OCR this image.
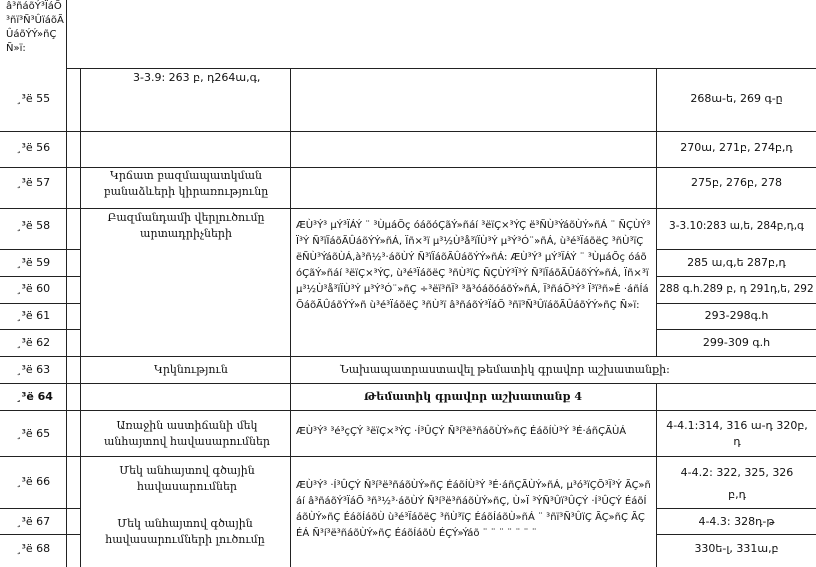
â³ñáõÝ³ÏáÕ
³ñï³Ñ³ÛïáõÃ
ÛáõÝÝ»ñÇ
Ñ»ï:
¸³ë 55
¸³ë 56
¸³ë 57
¸³ë 58
¸³ë 59
¸³ë 60
¸³ë 61
¸³ë 62
¸³ë 63
¸³ë 64
¸³ë 65
¸³ë 66
¸³ë 67
¸³ë 68
3-3.9: 263 բ, դ264ա,գ,
Կրճատ բազմապատկման բանաձևերի կիրառությունը
Բազմանդամի վերլուծումը արտադրիչների
Կրկնություն
Առաջին աստիճանի մեկ անհայտով հավասարումներ
Մեկ անհայտով գծային հավասարումներ
Մեկ անհայտով գծային հավասարումների լուծումը
ÆÙ³Ý³ µÝ³ÏÁÝ ¨ ³ÙµáÕç óáõóÇãÝ»ñáí ³ëïÇ×³ÝÇ ë³ÑÙ³ÝáõÙÝ»ñÁ ¨ ÑÇÙÝ³Ï³Ý Ñ³ïÏáõÃÛáõÝÝ»ñÁ, Ïñ×³ï µ³½Ù³å³ïÏÙ³Ý µ³Ý³Ó¨»ñÁ, ù³é³ÏáõëÇ ³ñÙ³ïÇ ëÑÙ³ÝáõÙÁ,à³ñ½³·áõÙÝ Ñ³ïÏáõÃÛáõÝÝ»ñÁ: ÆÙ³Ý³ µÝ³ÏÁÝ ¨ ³ÙµáÕç óáõóÇãÝ»ñáí ³ëïÇ×³ÝÇ, ù³é³ÏáõëÇ ³ñÙ³ïÇ ÑÇÙÝ³Ï³Ý Ñ³ïÏáõÃÛáõÝÝ»ñÁ, Ïñ×³ï µ³½Ù³å³ïÏÙ³Ý µ³Ý³Ó¨»ñÇ ÷³ëï³ñÏ³ ³ã³óáõóáõÝ»ñÁ, Ï³ñáÕ³Ý³ Ï³ï³ñ»É ·áñÍáÕáõÃÛáõÝÝ»ñ ù³é³ÏáõëÇ ³ñÙ³ï â³ñáõÝ³ÏáÕ ³ñï³Ñ³ÛïáõÃÛáõÝÝ»ñÇ Ñ»ï:
Նախապատրաստավել թեմատիկ գրավոր աշխատանքի:
Թեմատիկ գրավոր աշխատանք 4
ÆÙ³Ý³ ³é³çÇÝ ³ëïÇ×³ÝÇ ·Í³ÛÇÝ Ñ³í³ë³ñáõÙÝ»ñÇ ÉáõÍÙ³Ý ³É·áñÇÃÙÁ
ÆÙ³Ý³ ·Í³ÛÇÝ Ñ³í³ë³ñáõÙÝ»ñÇ ÉáõÍÙ³Ý ³É·áñÇÃÙÝ»ñÁ, µ³ó³ïÇÕ³Ï³Ý ÃÇ»ñáí â³ñáõÝ³ÏáÕ ³ñ³½³·áõÙÝ Ñ³í³ë³ñáõÙÝ»ñÇ, Ù»Ï ³ÝÑ³Ûï³ÛÇÝ ·Í³ÛÇÝ ÉáõÍáõÙÝ»ñÇ ÉáõÍáõÙ ù³é³ÏáõëÇ ³ñÙ³ïÇ ÉáõÍáõÙ»ñÁ ¨ ³ñï³Ñ³ÛïÇ ÃÇ»ñÇ ÃÇÉÁ Ñ³í³ë³ñáõÙÝ»ñÇ ÉáõÍáõÙ ÉÇÝ»Ýáõ ¨ ¨ ¨ ¨ ¨ ¨ ¨
268ա-ե, 269 գ-ը
270ա, 271բ, 274բ,դ
275բ, 276բ, 278
3-3.10:283 ա,ե, 284բ,դ,գ
285 ա,գ,ե 287բ,դ
288 գ.հ.289 բ, դ 291դ,ե, 292
293-298գ.հ
299-309 գ.հ
4-4.1:314, 316 ա-դ 320բ, դ
4-4.2: 322, 325, 326 բ,դ
4-4.3: 328դ-թ
330ե-լ, 331ա,բ
